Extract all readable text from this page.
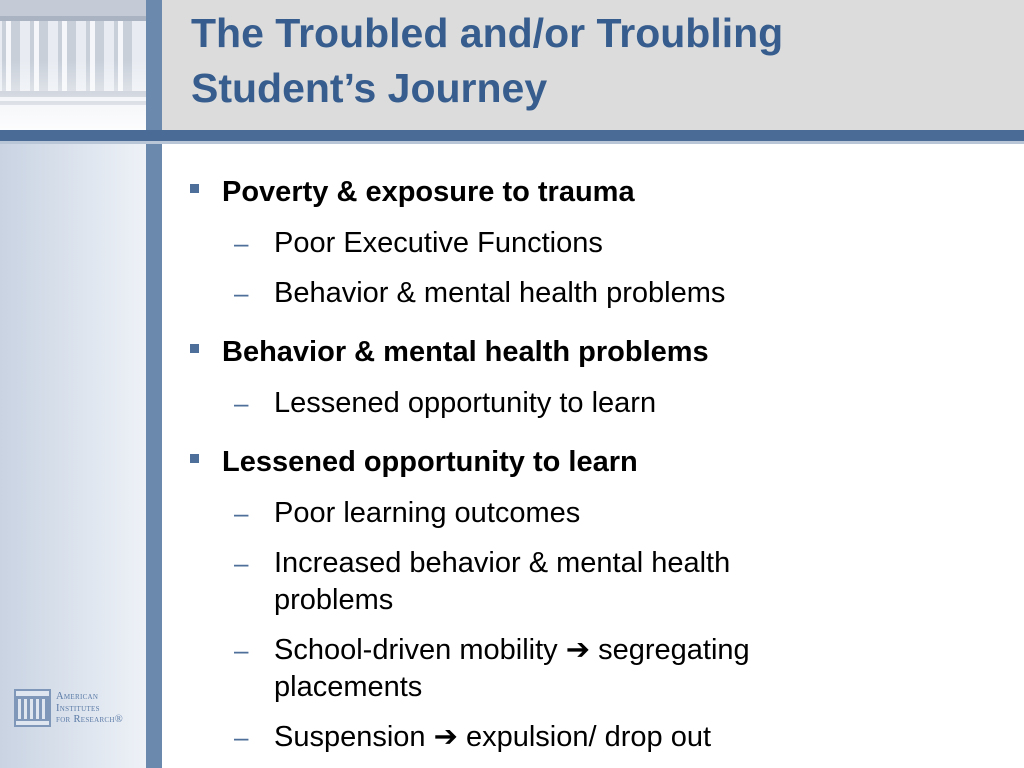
The Troubled and/or Troubling
Student’s Journey
Poverty & exposure to trauma
– Poor Executive Functions
– Behavior & mental health problems
Behavior & mental health problems
– Lessened opportunity to learn
Lessened opportunity to learn
– Poor learning outcomes
– Increased behavior & mental health
problems
– School-driven mobility ➔ segregating
placements
– Suspension ➔ expulsion/ drop out
American
Institutes
for Research®
